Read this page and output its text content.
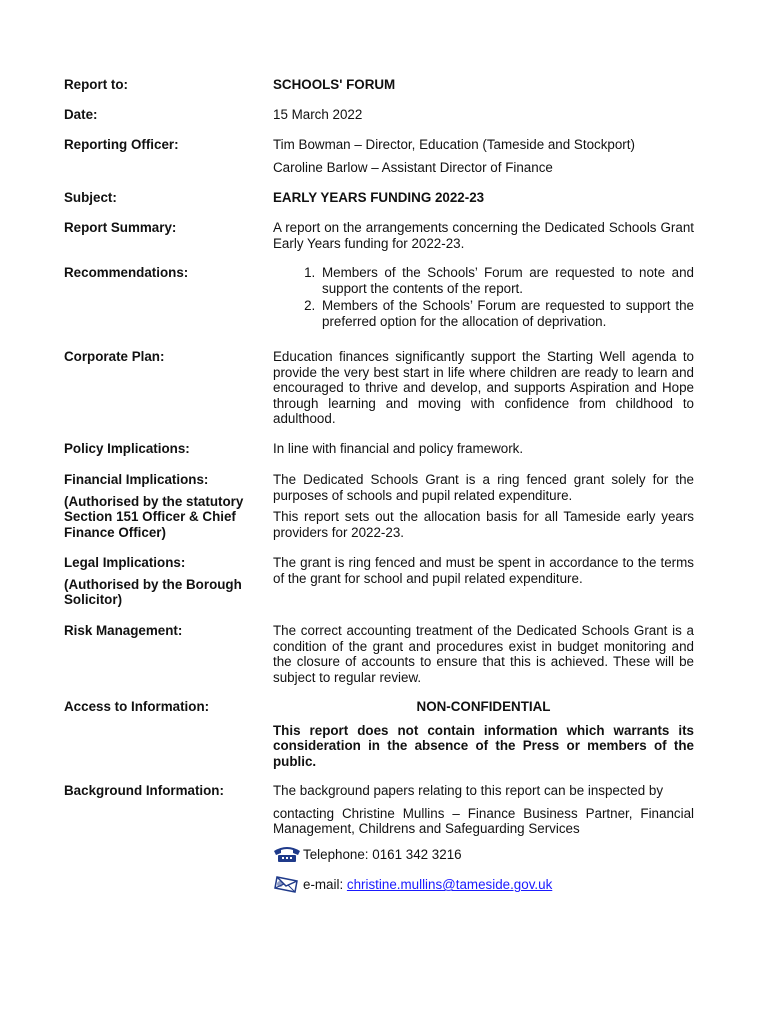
Report to:	SCHOOLS' FORUM
Date:	15 March 2022
Reporting Officer:	Tim Bowman – Director, Education (Tameside and Stockport)
Caroline Barlow – Assistant Director of Finance
Subject:	EARLY YEARS FUNDING 2022-23
Report Summary:	A report on the arrangements concerning the Dedicated Schools Grant Early Years funding for 2022-23.
Recommendations:
1.	Members of the Schools’ Forum are requested to note and support the contents of the report.
2. Members of the Schools’ Forum are requested to support the preferred option for the allocation of deprivation.
Corporate Plan:	Education finances significantly support the Starting Well agenda to provide the very best start in life where children are ready to learn and encouraged to thrive and develop, and supports Aspiration and Hope through learning and moving with confidence from childhood to adulthood.
Policy Implications:	In line with financial and policy framework.
Financial Implications:
(Authorised by the statutory Section 151 Officer & Chief Finance Officer)
The Dedicated Schools Grant is a ring fenced grant solely for the purposes of schools and pupil related expenditure.
This report sets out the allocation basis for all Tameside early years providers for 2022-23.
Legal Implications:
(Authorised by the Borough Solicitor)
The grant is ring fenced and must be spent in accordance to the terms of the grant for school and pupil related expenditure.
Risk Management:	The correct accounting treatment of the Dedicated Schools Grant is a condition of the grant and procedures exist in budget monitoring and the closure of accounts to ensure that this is achieved. These will be subject to regular review.
Access to Information:	NON-CONFIDENTIAL
This report does not contain information which warrants its consideration in the absence of the Press or members of the public.
Background Information:	The background papers relating to this report can be inspected by
contacting Christine Mullins – Finance Business Partner, Financial Management, Childrens and Safeguarding Services
Telephone: 0161 342 3216
e-mail: christine.mullins@tameside.gov.uk
